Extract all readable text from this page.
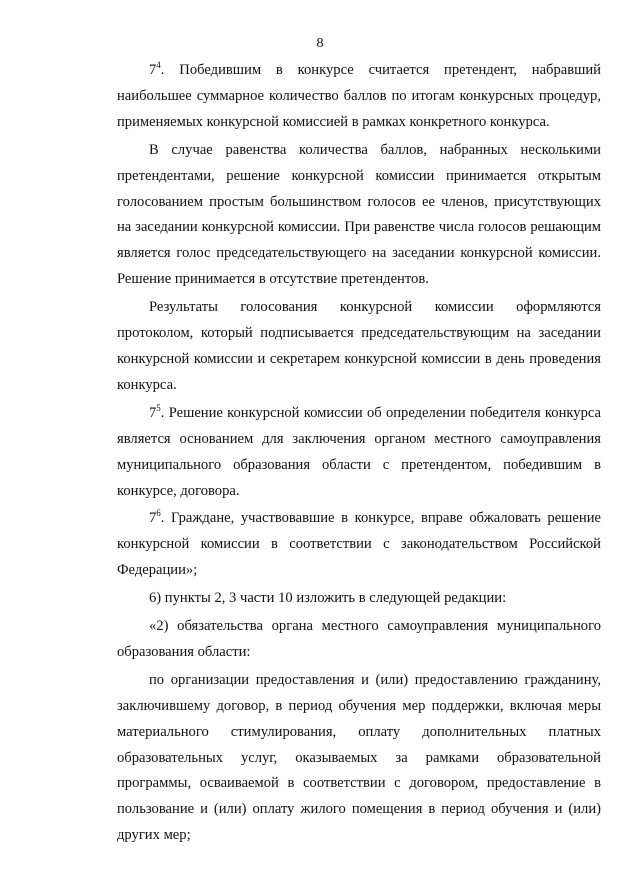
8

$7^4$. Победившим в конкурсе считается претендент, набравший наибольшее суммарное количество баллов по итогам конкурсных процедур, применяемых конкурсной комиссией в рамках конкретного конкурса.

В случае равенства количества баллов, набранных несколькими претендентами, решение конкурсной комиссии принимается открытым голосованием простым большинством голосов ее членов, присутствующих на заседании конкурсной комиссии. При равенстве числа голосов решающим является голос председательствующего на заседании конкурсной комиссии. Решение принимается в отсутствие претендентов.

Результаты голосования конкурсной комиссии оформляются протоколом, который подписывается председательствующим на заседании конкурсной комиссии и секретарем конкурсной комиссии в день проведения конкурса.

$7^5$. Решение конкурсной комиссии об определении победителя конкурса является основанием для заключения органом местного самоуправления муниципального образования области с претендентом, победившим в конкурсе, договора.

$7^6$. Граждане, участвовавшие в конкурсе, вправе обжаловать решение конкурсной комиссии в соответствии с законодательством Российской Федерации»;

6) пункты 2, 3 части 10 изложить в следующей редакции:

«2) обязательства органа местного самоуправления муниципального образования области:

по организации предоставления и (или) предоставлению гражданину, заключившему договор, в период обучения мер поддержки, включая меры материального стимулирования, оплату дополнительных платных образовательных услуг, оказываемых за рамками образовательной программы, осваиваемой в соответствии с договором, предоставление в пользование и (или) оплату жилого помещения в период обучения и (или) других мер;
